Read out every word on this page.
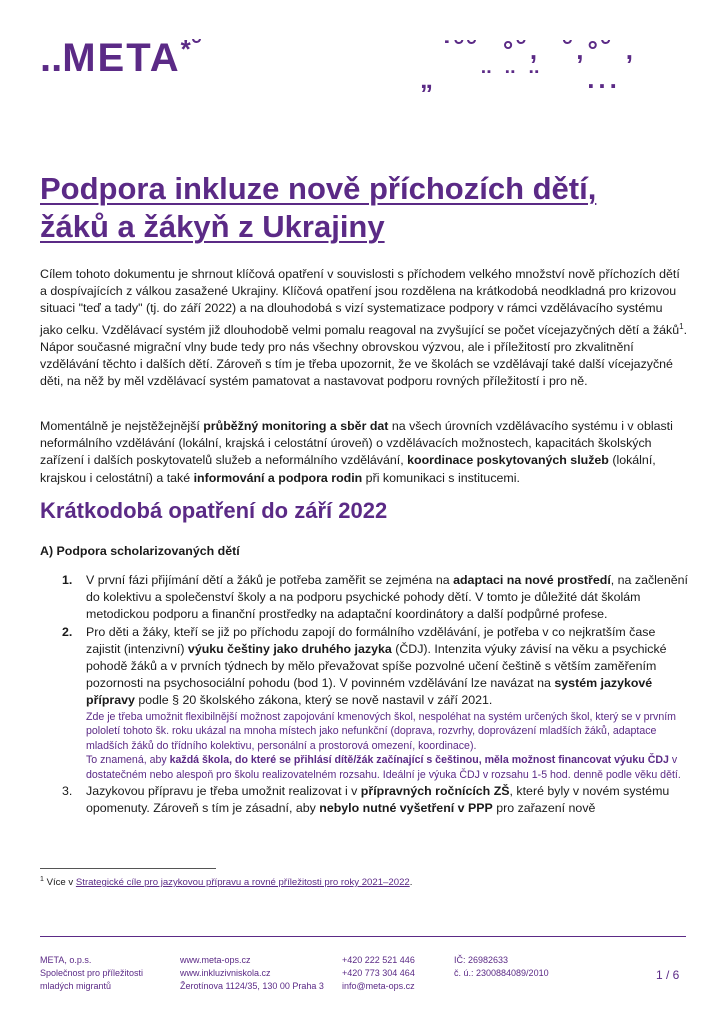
..META*˘	˙˘˘  °˘,  ˘,°˘ ,
„    ¨ ¨ ¨    ...
Podpora inkluze nově příchozích dětí,
žáků a žákyň z Ukrajiny

Cílem tohoto dokumentu je shrnout klíčová opatření v souvislosti s příchodem velkého množství nově příchozích dětí a dospívajících z válkou zasažené Ukrajiny. Klíčová opatření jsou rozdělena na krátkodobá neodkladná pro krizovou situaci "teď a tady" (tj. do září 2022) a na dlouhodobá s vizí systematizace podpory v rámci vzdělávacího systému jako celku. Vzdělávací systém již dlouhodobě velmi pomalu reagoval na zvyšující se počet vícejazyčných dětí a žáků$^1$. Nápor současné migrační vlny bude tedy pro nás všechny obrovskou výzvou, ale i příležitostí pro zkvalitnění vzdělávání těchto i dalších dětí. Zároveň s tím je třeba upozornit, že ve školách se vzdělávají také další vícejazyčné děti, na něž by měl vzdělávací systém pamatovat a nastavovat podporu rovných příležitostí i pro ně.

Momentálně je nejstěžejnější průběžný monitoring a sběr dat na všech úrovních vzdělávacího systému i v oblasti neformálního vzdělávání (lokální, krajská i celostátní úroveň) o vzdělávacích možnostech, kapacitách školských zařízení i dalších poskytovatelů služeb a neformálního vzdělávání, koordinace poskytovaných služeb (lokální, krajskou i celostátní) a také informování a podpora rodin při komunikaci s institucemi.

Krátkodobá opatření do září 2022

A) Podpora scholarizovaných dětí

1. V první fázi přijímání dětí a žáků je potřeba zaměřit se zejména na adaptaci na nové prostředí, na začlenění do kolektivu a společenství školy a na podporu psychické pohody dětí. V tomto je důležité dát školám metodickou podporu a finanční prostředky na adaptační koordinátory a další podpůrné profese.
2. Pro děti a žáky, kteří se již po příchodu zapojí do formálního vzdělávání, je potřeba v co nejkratším čase zajistit (intenzivní) výuku češtiny jako druhého jazyka (ČDJ). Intenzita výuky závisí na věku a psychické pohodě žáků a v prvních týdnech by mělo převažovat spíše pozvolné učení češtině s větším zaměřením pozornosti na psychosociální pohodu (bod 1). V povinném vzdělávání lze navázat na systém jazykové přípravy podle § 20 školského zákona, který se nově nastavil v září 2021.

Zde je třeba umožnit flexibilnější možnost zapojování kmenových škol, nespoléhat na systém určených škol, který se v prvním pololetí tohoto šk. roku ukázal na mnoha místech jako nefunkční (doprava, rozvrhy, doprovázení mladších žáků, adaptace mladších žáků do třídního kolektivu, personální a prostorová omezení, koordinace).

To znamená, aby každá škola, do které se přihlásí dítě/žák začínající s češtinou, měla možnost financovat výuku ČDJ v dostatečném nebo alespoň pro školu realizovatelném rozsahu. Ideální je výuka ČDJ v rozsahu 1-5 hod. denně podle věku dětí.

3. Jazykovou přípravu je třeba umožnit realizovat i v přípravných ročnících ZŠ, které byly v novém systému opomenuty. Zároveň s tím je zásadní, aby nebylo nutné vyšetření v PPP pro zařazení nově

$^1$ Více v Strategické cíle pro jazykovou přípravu a rovné příležitosti pro roky 2021–2022.

META, o.p.s.
Společnost pro příležitosti
mladých migrantů
www.meta-ops.cz
www.inkluzivniskola.cz
Žerotínova 1124/35, 130 00 Praha 3
+420 222 521 446
+420 773 304 464
info@meta-ops.cz
IČ: 26982633
č. ú.: 2300884089/2010	1 / 6
